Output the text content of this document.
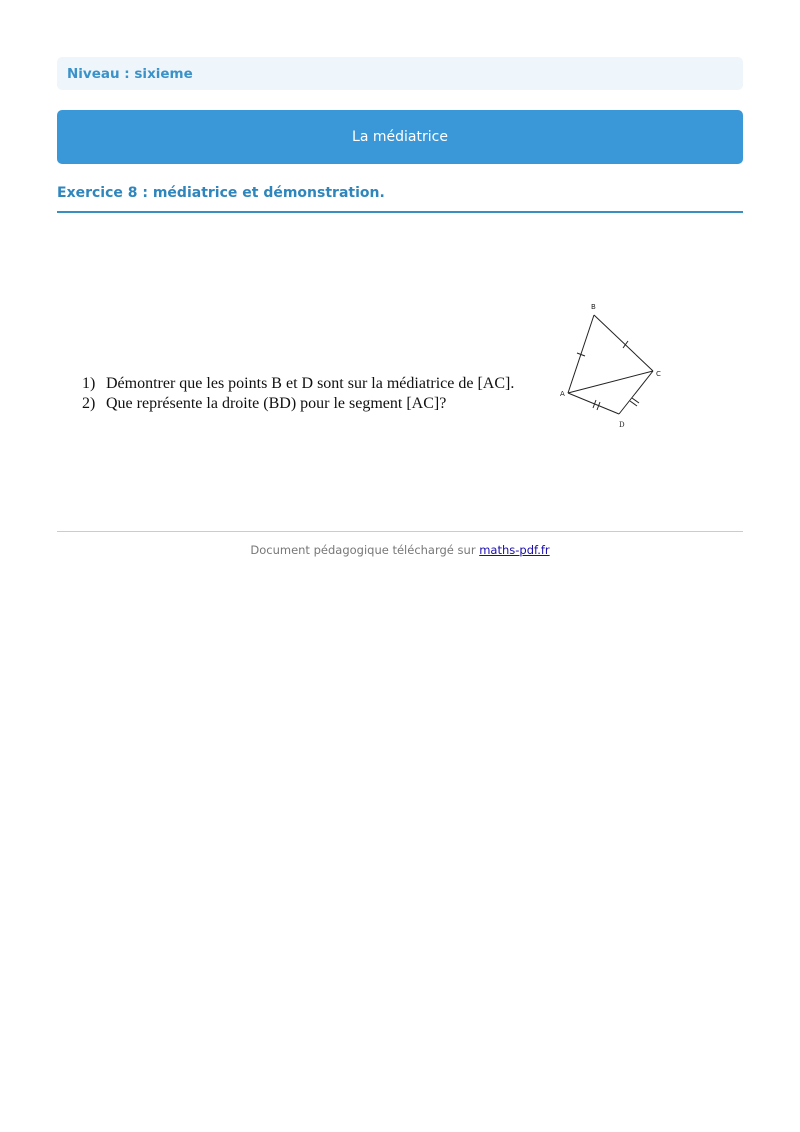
Niveau : sixieme
La médiatrice
Exercice 8 : médiatrice et démonstration.
1) Démontrer que les points B et D sont sur la médiatrice de [AC].
2) Que représente la droite (BD) pour le segment [AC]?
B
C
A
D
Document pédagogique téléchargé sur maths-pdf.fr
